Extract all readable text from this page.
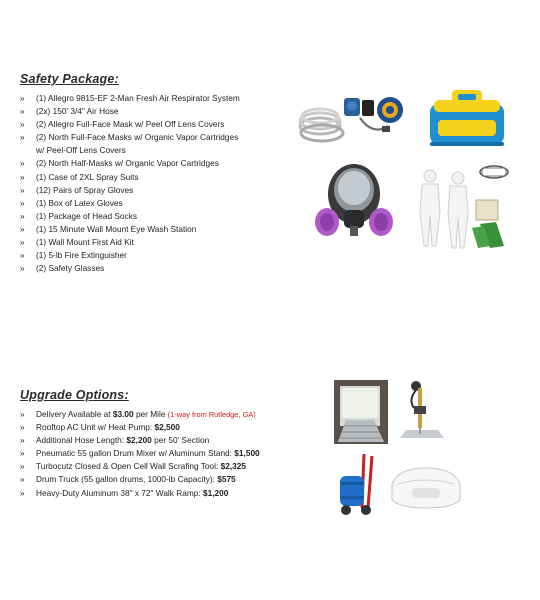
Safety Package:
» (1) Allegro 9815-EF 2-Man Fresh Air Respirator System
» (2x) 150' 3/4" Air Hose
» (2) Allegro Full-Face Mask w/ Peel Off Lens Covers
» (2) North Full-Face Masks w/ Organic Vapor Cartridges
w/ Peel-Off Lens Covers
» (2) North Half-Masks w/ Organic Vapor Cartridges
» (1) Case of 2XL Spray Suits
» (12) Pairs of Spray Gloves
» (1) Box of Latex Gloves
» (1) Package of Head Socks
» (1) 15 Minute Wall Mount Eye Wash Station
» (1) Wall Mount First Aid Kit
» (1) 5-lb Fire Extinguisher
» (2) Safety Glasses
Upgrade Options:
» Delivery Available at $3.00 per Mile (1-way from Rutledge, GA)
» Rooftop AC Unit w/ Heat Pump: $2,500
» Additional Hose Length: $2,200 per 50' Section
» Pneumatic 55 gallon Drum Mixer w/ Aluminum Stand: $1,500
» Turbocutz Closed & Open Cell Wall Scrafing Tool: $2,325
» Drum Truck (55 gallon drums, 1000-lb Capacity): $575
» Heavy-Duty Aluminum 38" x 72" Walk Ramp: $1,200
